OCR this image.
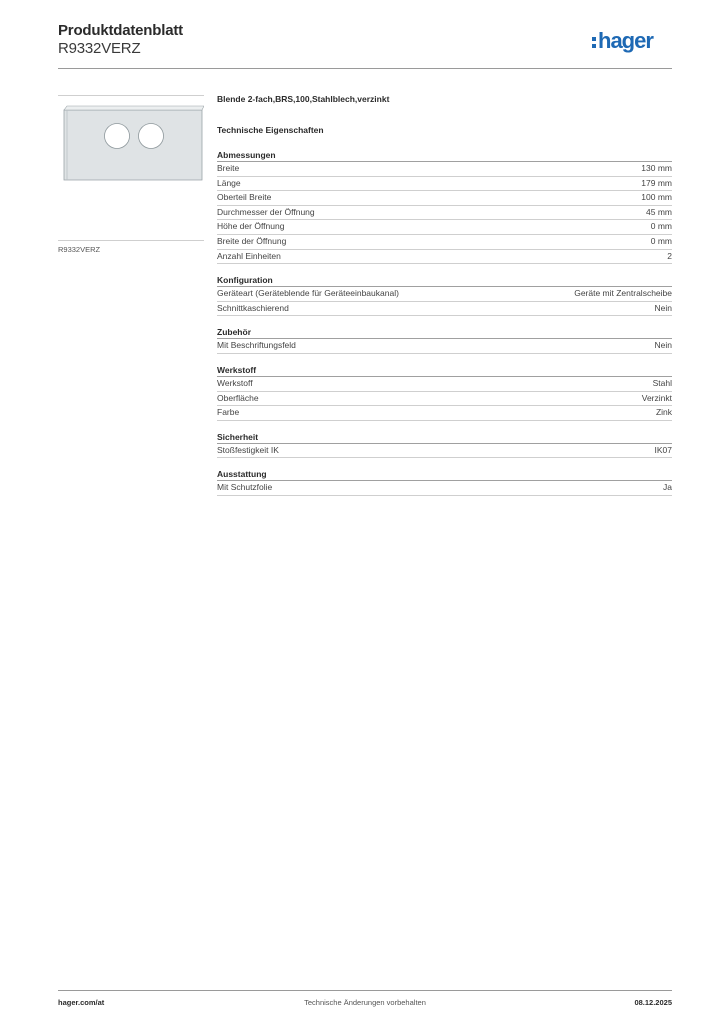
Produktdatenblatt
R9332VERZ	hager
R9332VERZ
Blende 2-fach,BRS,100,Stahlblech,verzinkt
Technische Eigenschaften
Abmessungen
Breite	130 mm
Länge	179 mm
Oberteil Breite	100 mm
Durchmesser der Öffnung	45 mm
Höhe der Öffnung	0 mm
Breite der Öffnung	0 mm
Anzahl Einheiten	2
Konfiguration
Geräteart (Geräteblende für Geräteeinbaukanal)	Geräte mit Zentralscheibe
Schnittkaschierend	Nein
Zubehör
Mit Beschriftungsfeld	Nein
Werkstoff
Werkstoff	Stahl
Oberfläche	Verzinkt
Farbe	Zink
Sicherheit
Stoßfestigkeit IK	IK07
Ausstattung
Mit Schutzfolie	Ja
hager.com/at	Technische Änderungen vorbehalten	08.12.2025
